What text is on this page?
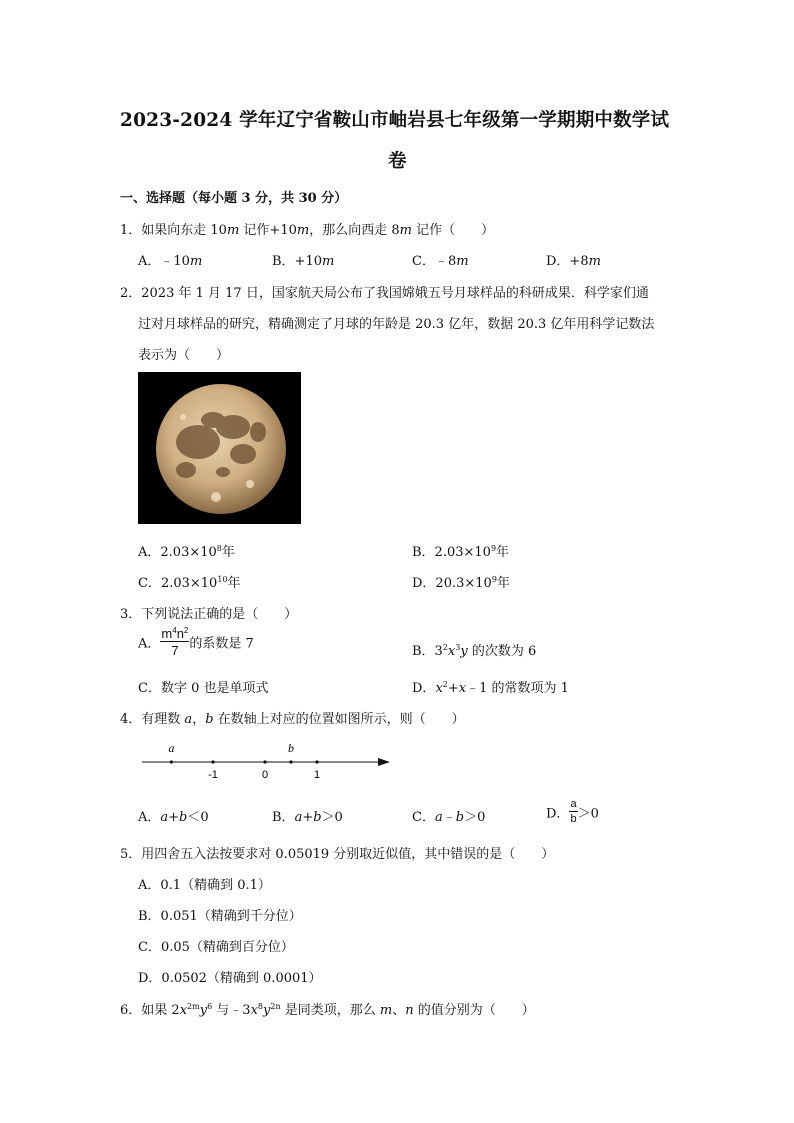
2023-2024 学年辽宁省鞍山市岫岩县七年级第一学期期中数学试
卷
一、选择题（每小题 3 分，共 30 分）
1．如果向东走 10m 记作+10m，那么向西走 8m 记作（　　）
A．﹣10m	B．+10m	C．﹣8m	D．+8m
2．2023 年 1 月 17 日，国家航天局公布了我国嫦娥五号月球样品的科研成果．科学家们通
过对月球样品的研究，精确测定了月球的年龄是 20.3 亿年，数据 20.3 亿年用科学记数法
表示为（　　）
A．$2.03\times 10^8$年	B．$2.03\times 10^9$年
C．$2.03\times 10^{10}$年	D．$20.3\times 10^9$年
3．下列说法正确的是（　　）
A． $\frac{m^4n^2}{7}$ 的系数是 7	B．$3^2x^3y$ 的次数为 6
C．数字 0 也是单项式	D．$x^2+x﹣1$ 的常数项为 1
4．有理数 a，b 在数轴上对应的位置如图所示，则（　　）
a	b
-1	0	1
A．a+b＜0	B．a+b＞0	C．a﹣b＞0	D． $\frac{a}{b} >0$
5．用四舍五入法按要求对 0.05019 分别取近似值，其中错误的是（　　）
A．0.1（精确到 0.1）
B．0.051（精确到千分位）
C．0.05（精确到百分位）
D．0.0502（精确到 0.0001）
6．如果 $2x^{2m}y^6$ 与$﹣3x^8y^{2n}$ 是同类项，那么 m、n 的值分别为（　　）
